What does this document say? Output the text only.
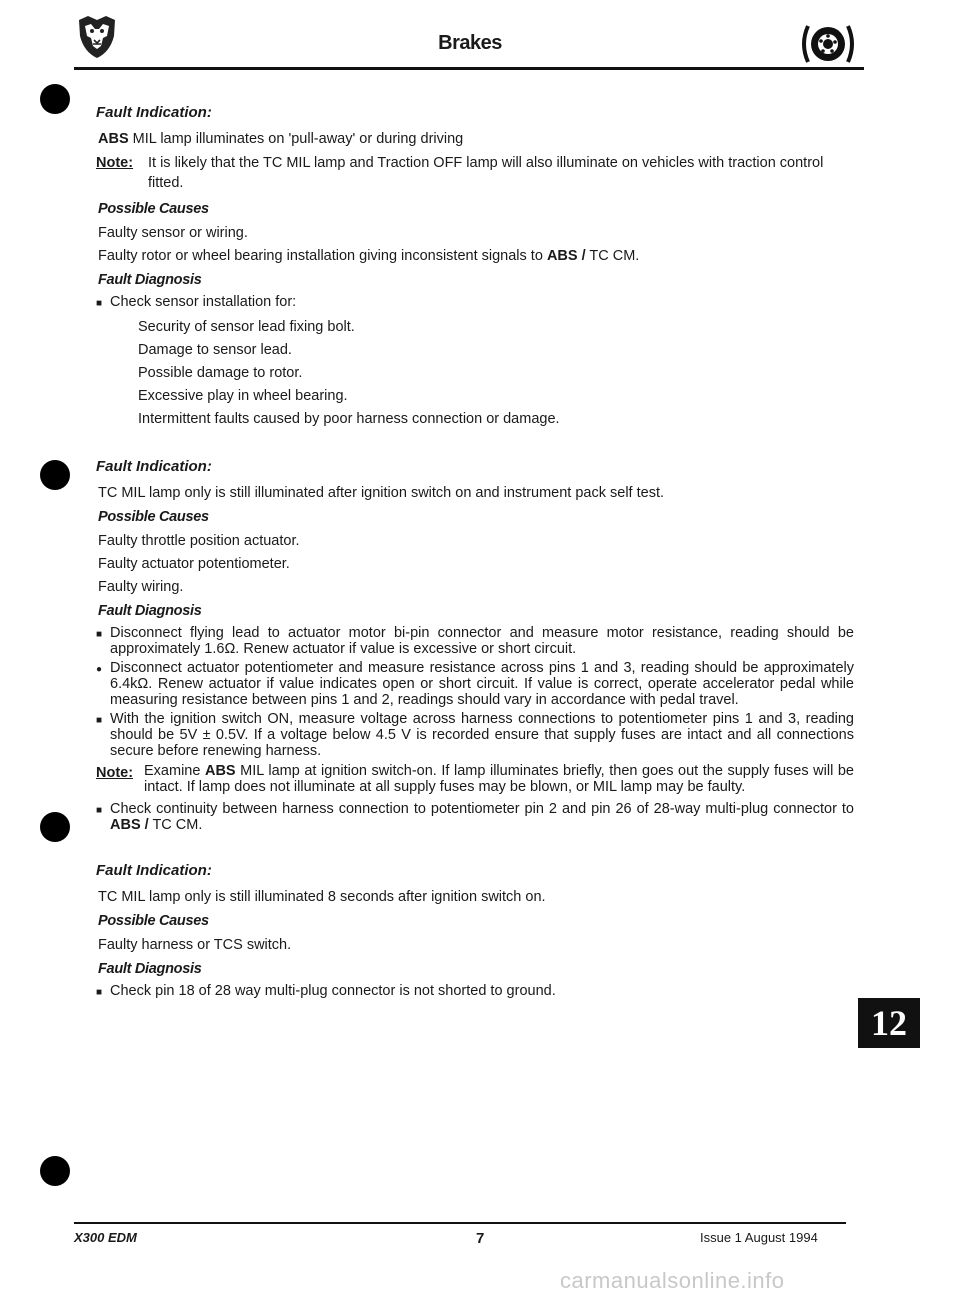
Brakes
Fault Indication:
ABS MIL lamp illuminates on 'pull-away' or during driving
Note:	It is likely that the TC MIL lamp and Traction OFF lamp will also illuminate on vehicles with traction control fitted.
Possible Causes
Faulty sensor or wiring.
Faulty rotor or wheel bearing installation giving inconsistent signals to ABS / TC CM.
Fault Diagnosis
■ Check sensor installation for:
Security of sensor lead fixing bolt.
Damage to sensor lead.
Possible damage to rotor.
Excessive play in wheel bearing.
Intermittent faults caused by poor harness connection or damage.
Fault Indication:
TC MIL lamp only is still illuminated after ignition switch on and instrument pack self test.
Possible Causes
Faulty throttle position actuator.
Faulty actuator potentiometer.
Faulty wiring.
Fault Diagnosis
■ Disconnect flying lead to actuator motor bi-pin connector and measure motor resistance, reading should be approximately 1.6Ω. Renew actuator if value is excessive or short circuit.
● Disconnect actuator potentiometer and measure resistance across pins 1 and 3, reading should be approximately 6.4kΩ. Renew actuator if value indicates open or short circuit. If value is correct, operate accelerator pedal while measuring resistance between pins 1 and 2, readings should vary in accordance with pedal travel.
■ With the ignition switch ON, measure voltage across harness connections to potentiometer pins 1 and 3, reading should be 5V ± 0.5V. If a voltage below 4.5 V is recorded ensure that supply fuses are intact and all connections secure before renewing harness.
Note: Examine ABS MIL lamp at ignition switch-on. If lamp illuminates briefly, then goes out the supply fuses will be intact. If lamp does not illuminate at all supply fuses may be blown, or MIL lamp may be faulty.
■ Check continuity between harness connection to potentiometer pin 2 and pin 26 of 28-way multi-plug connector to ABS / TC CM.
Fault Indication:
TC MIL lamp only is still illuminated 8 seconds after ignition switch on.
Possible Causes
Faulty harness or TCS switch.
Fault Diagnosis
■ Check pin 18 of 28 way multi-plug connector is not shorted to ground.
12
X300 EDM	7	Issue 1 August 1994
carmanualsonline.info
